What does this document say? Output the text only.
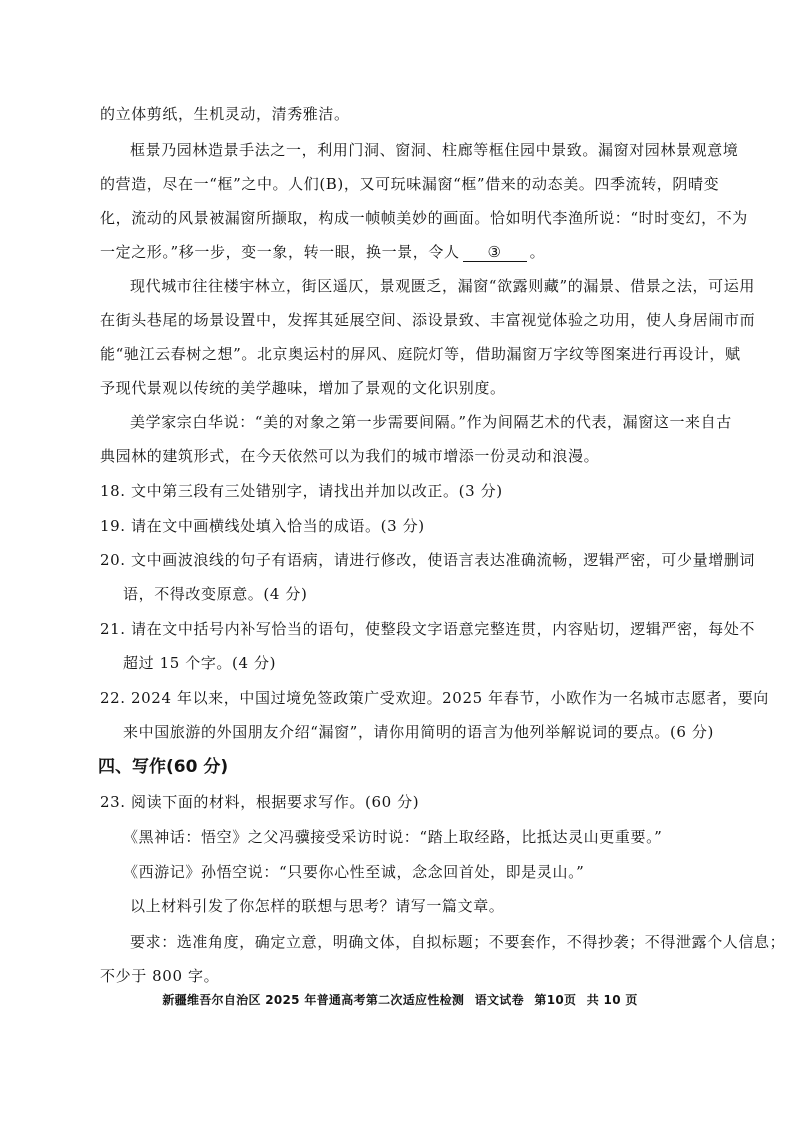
的立体剪纸，生机灵动，清秀雅洁。
框景乃园林造景手法之一，利用门洞、窗洞、柱廊等框住园中景致。漏窗对园林景观意境
的营造，尽在一“框”之中。人们(B)，又可玩味漏窗“框”借来的动态美。四季流转，阴晴变
化，流动的风景被漏窗所撷取，构成一帧帧美妙的画面。恰如明代李渔所说：“时时变幻，不为
一定之形。”移一步，变一象，转一眼，换一景，令人 ③ 。
现代城市往往楼宇林立，街区遥仄，景观匮乏，漏窗“欲露则藏”的漏景、借景之法，可运用
在街头巷尾的场景设置中，发挥其延展空间、添设景致、丰富视觉体验之功用，使人身居闹市而
能“驰江云春树之想”。北京奥运村的屏风、庭院灯等，借助漏窗万字纹等图案进行再设计，赋
予现代景观以传统的美学趣味，增加了景观的文化识别度。
美学家宗白华说：“美的对象之第一步需要间隔。”作为间隔艺术的代表，漏窗这一来自古
典园林的建筑形式，在今天依然可以为我们的城市增添一份灵动和浪漫。
18. 文中第三段有三处错别字，请找出并加以改正。(3 分)
19. 请在文中画横线处填入恰当的成语。(3 分)
20. 文中画波浪线的句子有语病，请进行修改，使语言表达准确流畅，逻辑严密，可少量增删词
语，不得改变原意。(4 分)
21. 请在文中括号内补写恰当的语句，使整段文字语意完整连贯，内容贴切，逻辑严密，每处不
超过 15 个字。(4 分)
22. 2024 年以来，中国过境免签政策广受欢迎。2025 年春节，小欧作为一名城市志愿者，要向
来中国旅游的外国朋友介绍“漏窗”，请你用简明的语言为他列举解说词的要点。(6 分)
四、写作(60 分)
23. 阅读下面的材料，根据要求写作。(60 分)
《黑神话：悟空》之父冯骥接受采访时说：“踏上取经路，比抵达灵山更重要。”
《西游记》孙悟空说：“只要你心性至诚，念念回首处，即是灵山。”
以上材料引发了你怎样的联想与思考？请写一篇文章。
要求：选准角度，确定立意，明确文体，自拟标题；不要套作，不得抄袭；不得泄露个人信息；
不少于 800 字。
新疆维吾尔自治区 2025 年普通高考第二次适应性检测 语文试卷 第10页 共 10 页
